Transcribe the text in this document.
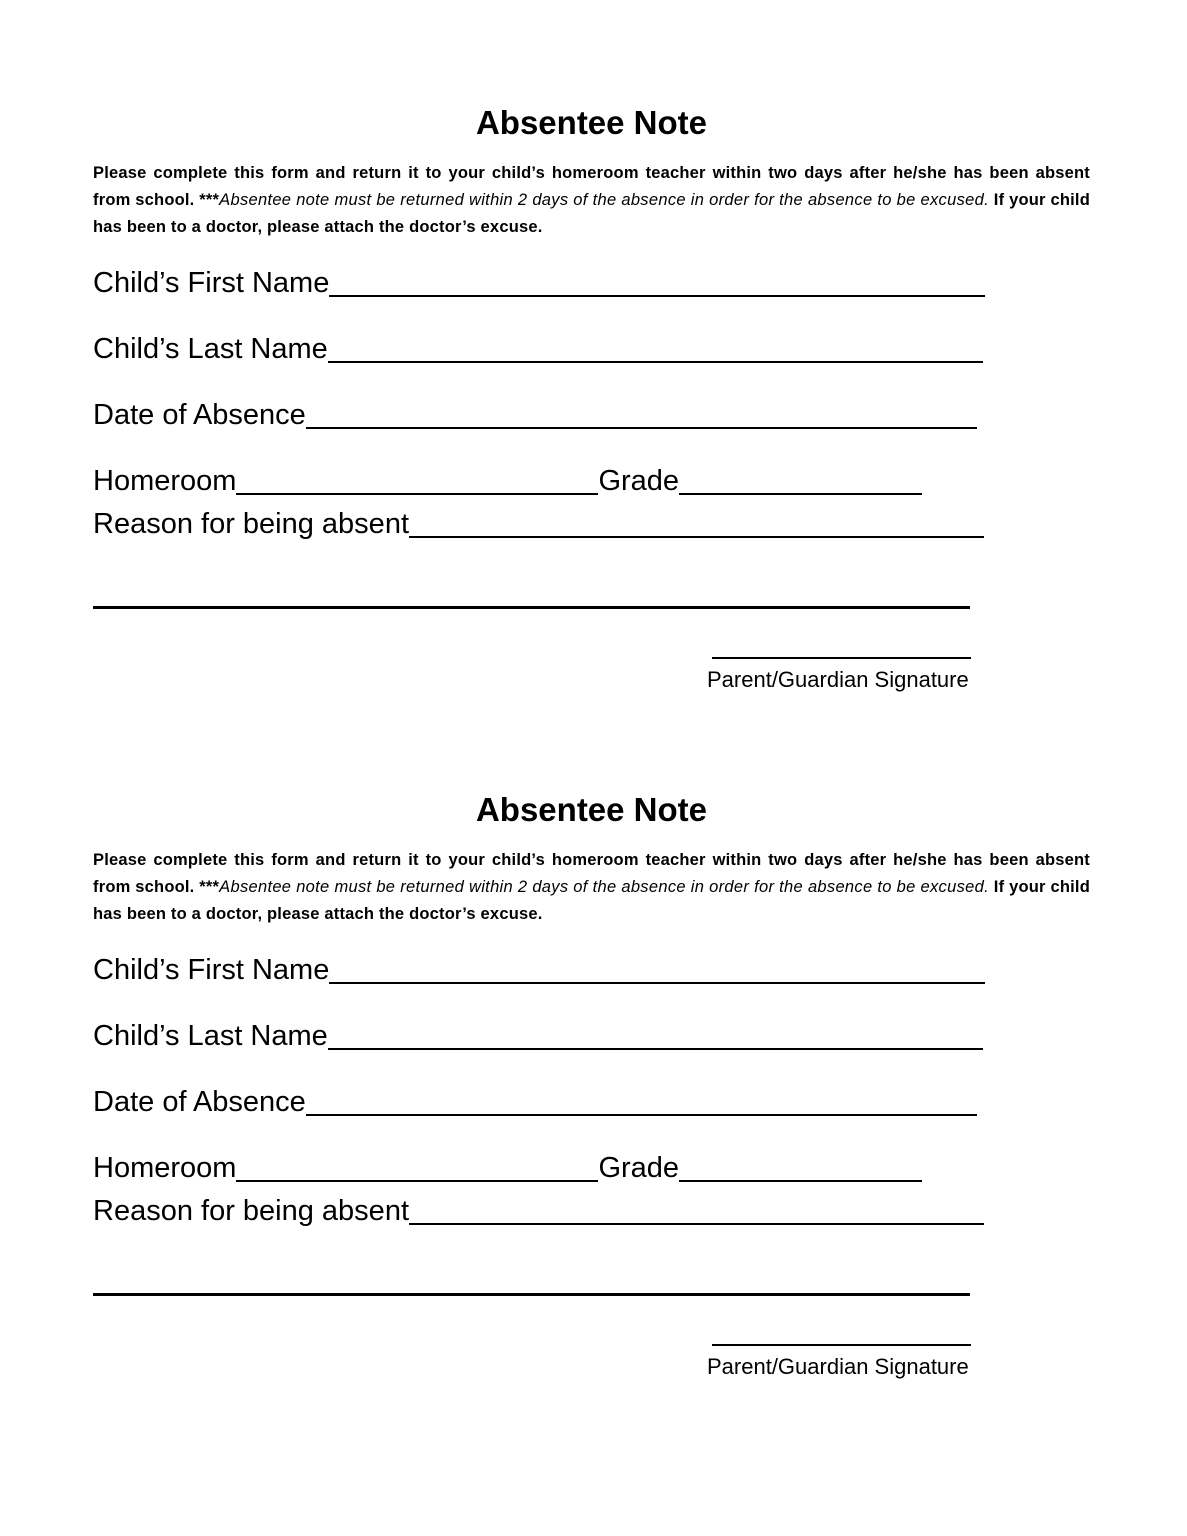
Absentee Note
Please complete this form and return it to your child’s homeroom teacher within two days after he/she has been absent from school. ***Absentee note must be returned within 2 days of the absence in order for the absence to be excused. If your child has been to a doctor, please attach the doctor’s excuse.
Child’s First Name
Child’s Last Name
Date of Absence
Homeroom	Grade
Reason for being absent
Parent/Guardian Signature
Absentee Note
Please complete this form and return it to your child’s homeroom teacher within two days after he/she has been absent from school. ***Absentee note must be returned within 2 days of the absence in order for the absence to be excused. If your child has been to a doctor, please attach the doctor’s excuse.
Child’s First Name
Child’s Last Name
Date of Absence
Homeroom	Grade
Reason for being absent
Parent/Guardian Signature
